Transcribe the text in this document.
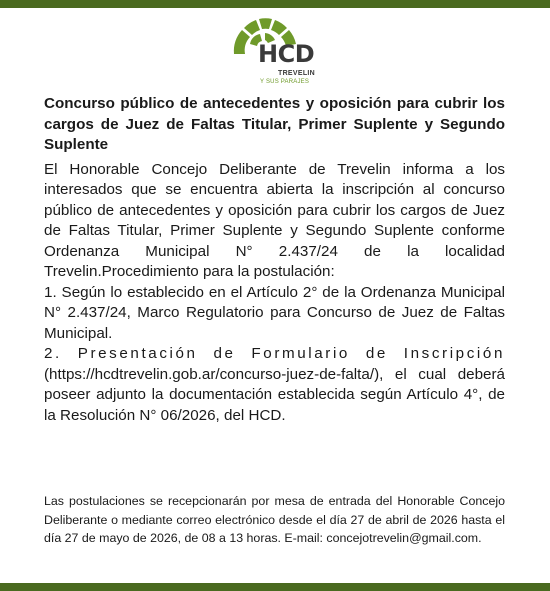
HCD
TREVELIN
Y SUS PARAJES

Concurso público de antecedentes y oposición para cubrir los cargos de Juez de Faltas Titular, Primer Suplente y Segundo Suplente

El Honorable Concejo Deliberante de Trevelin informa a los interesados que se encuentra abierta la inscripción al concurso público de antecedentes y oposición para cubrir los cargos de Juez de Faltas Titular, Primer Suplente y Segundo Suplente conforme Ordenanza Municipal N° 2.437/24 de la localidad Trevelin.Procedimiento para la postulación:

1. Según lo establecido en el Artículo 2° de la Ordenanza Municipal N° 2.437/24, Marco Regulatorio para Concurso de Juez de Faltas Municipal.

2. Presentación de Formulario de Inscripción (https://hcdtrevelin.gob.ar/concurso-juez-de-falta/), el cual deberá poseer adjunto la documentación establecida según Artículo 4°, de la Resolución N° 06/2026, del HCD.

Las postulaciones se recepcionarán por mesa de entrada del Honorable Concejo Deliberante o mediante correo electrónico desde el día 27 de abril de 2026 hasta el día 27 de mayo de 2026, de 08 a 13 horas. E-mail: concejotrevelin@gmail.com.
